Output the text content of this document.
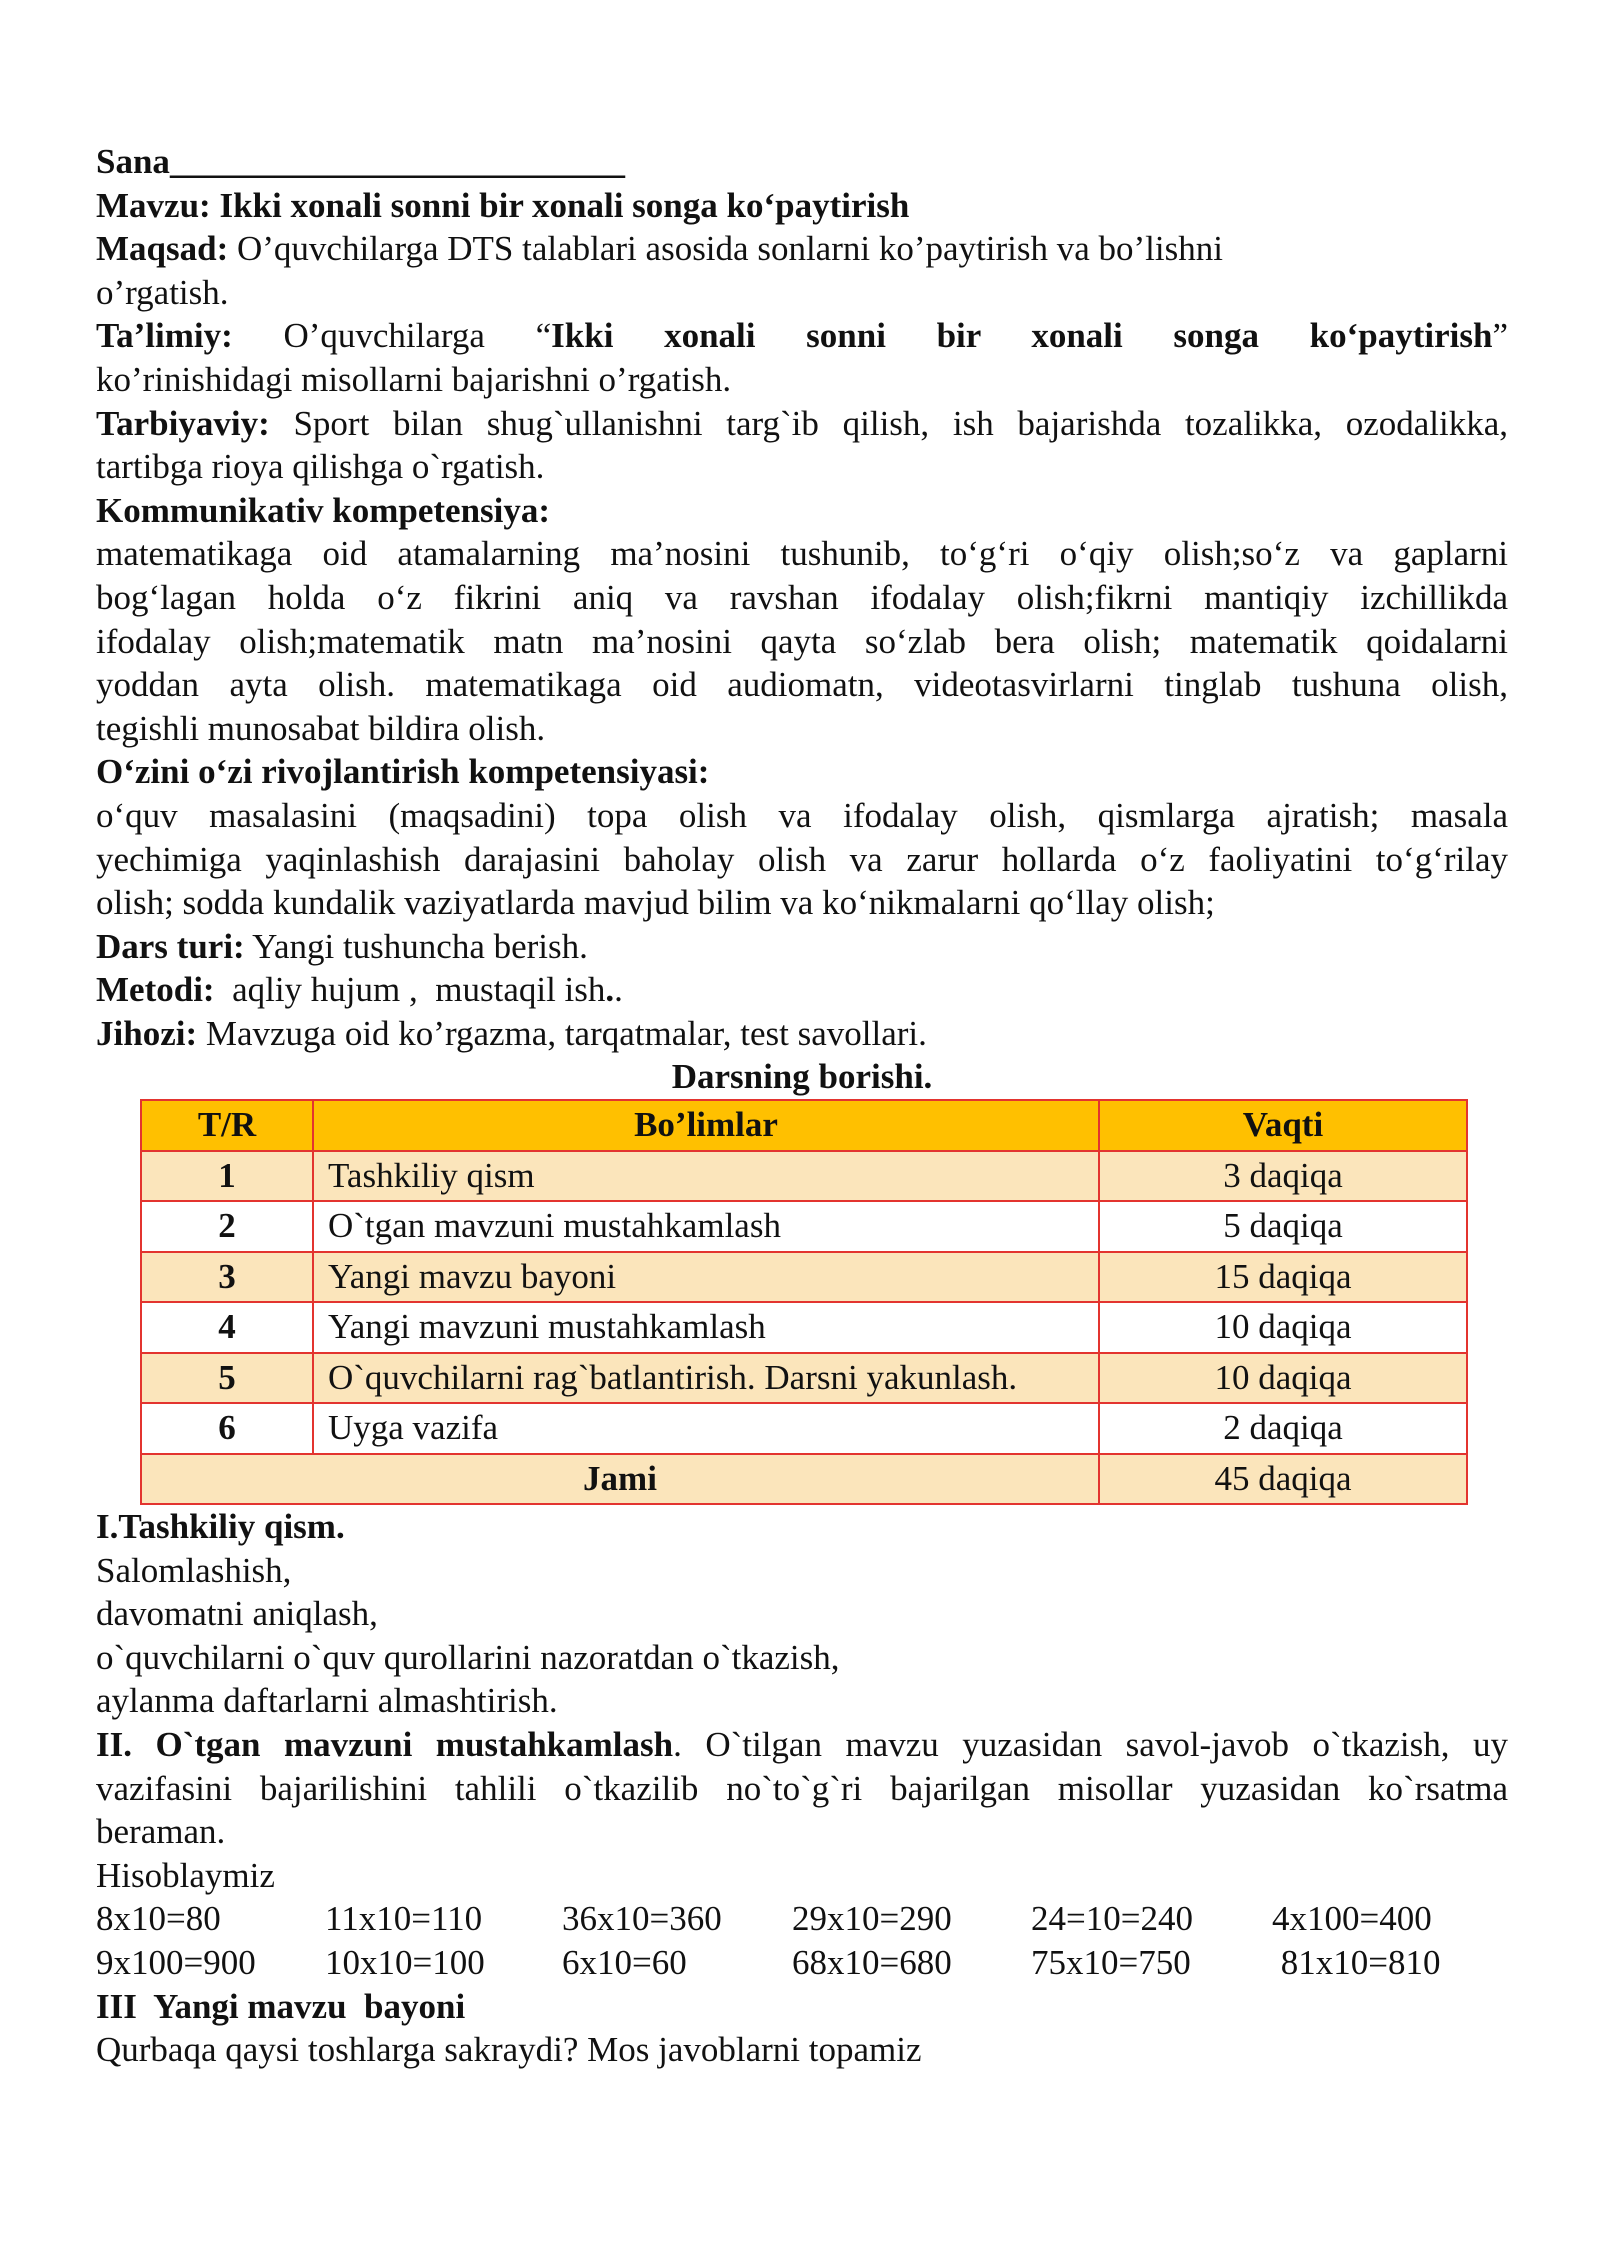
Sana__________________________
Mavzu: Ikki xonali sonni bir xonali songa ko‘paytirish
Maqsad: O’quvchilarga DTS talablari asosida sonlarni ko’paytirish va bo’lishni
o’rgatish.
Ta’limiy: O’quvchilarga “Ikki xonali sonni bir xonali songa ko‘paytirish”
ko’rinishidagi misollarni bajarishni o’rgatish.
Tarbiyaviy: Sport bilan shug`ullanishni targ`ib qilish, ish bajarishda tozalikka, ozodalikka,
tartibga rioya qilishga o`rgatish.
Kommunikativ kompetensiya:
matematikaga oid atamalarning ma’nosini tushunib, to‘g‘ri o‘qiy olish;so‘z va gaplarni
bog‘lagan holda o‘z fikrini aniq va ravshan ifodalay olish;fikrni mantiqiy izchillikda
ifodalay olish;matematik matn ma’nosini qayta so‘zlab bera olish; matematik qoidalarni
yoddan ayta olish. matematikaga oid audiomatn, videotasvirlarni tinglab tushuna olish,
tegishli munosabat bildira olish.
O‘zini o‘zi rivojlantirish kompetensiyasi:
o‘quv masalasini (maqsadini) topa olish va ifodalay olish, qismlarga ajratish; masala
yechimiga yaqinlashish darajasini baholay olish va zarur hollarda o‘z faoliyatini to‘g‘rilay
olish; sodda kundalik vaziyatlarda mavjud bilim va ko‘nikmalarni qo‘llay olish;
Dars turi: Yangi tushuncha berish.
Metodi:  aqliy hujum ,  mustaqil ish..
Jihozi: Mavzuga oid ko’rgazma, tarqatmalar, test savollari.
Darsning borishi.
T/R	Bo’limlar	Vaqti
1	Tashkiliy qism	3 daqiqa
2	O`tgan mavzuni mustahkamlash	5 daqiqa
3	Yangi mavzu bayoni	15 daqiqa
4	Yangi mavzuni mustahkamlash	10 daqiqa
5	O`quvchilarni rag`batlantirish. Darsni yakunlash.	10 daqiqa
6	Uyga vazifa	2 daqiqa
Jami		45 daqiqa
I.Tashkiliy qism.
Salomlashish,
davomatni aniqlash,
o`quvchilarni o`quv qurollarini nazoratdan o`tkazish,
aylanma daftarlarni almashtirish.
II. O`tgan mavzuni mustahkamlash. O`tilgan mavzu yuzasidan savol-javob o`tkazish, uy
vazifasini bajarilishini tahlili o`tkazilib no`to`g`ri bajarilgan misollar yuzasidan ko`rsatma
beraman.
Hisoblaymiz
8x10=80	11x10=110	36x10=360	29x10=290	24=10=240	4x100=400
9x100=900	10x10=100	6x10=60	68x10=680	75x10=750	81x10=810
III  Yangi mavzu  bayoni
Qurbaqa qaysi toshlarga sakraydi? Mos javoblarni topamiz
